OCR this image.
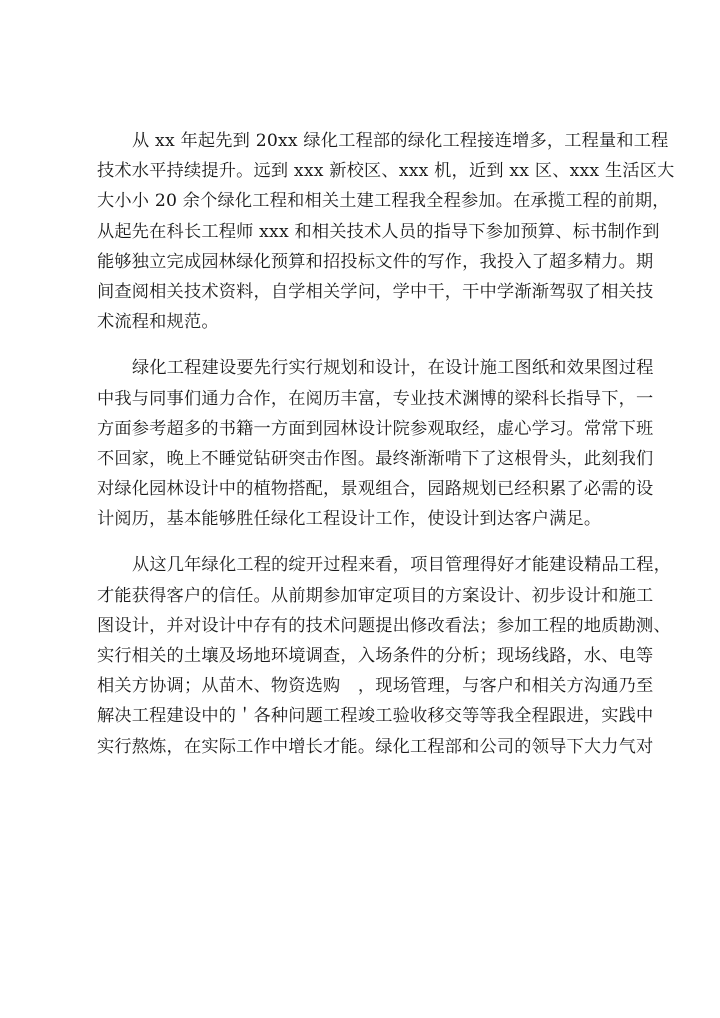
从 xx 年起先到 20xx 绿化工程部的绿化工程接连增多，工程量和工程
技术水平持续提升。远到 xxx 新校区、xxx 机，近到 xx 区、xxx 生活区大
大小小 20 余个绿化工程和相关土建工程我全程参加。在承揽工程的前期，
从起先在科长工程师 xxx 和相关技术人员的指导下参加预算、标书制作到
能够独立完成园林绿化预算和招投标文件的写作，我投入了超多精力。期
间查阅相关技术资料，自学相关学问，学中干，干中学渐渐驾驭了相关技
术流程和规范。
绿化工程建设要先行实行规划和设计，在设计施工图纸和效果图过程
中我与同事们通力合作，在阅历丰富，专业技术渊博的梁科长指导下，一
方面参考超多的书籍一方面到园林设计院参观取经，虚心学习。常常下班
不回家，晚上不睡觉钻研突击作图。最终渐渐啃下了这根骨头，此刻我们
对绿化园林设计中的植物搭配，景观组合，园路规划已经积累了必需的设
计阅历，基本能够胜任绿化工程设计工作，使设计到达客户满足。
从这几年绿化工程的绽开过程来看，项目管理得好才能建设精品工程，
才能获得客户的信任。从前期参加审定项目的方案设计、初步设计和施工
图设计，并对设计中存有的技术问题提出修改看法；参加工程的地质勘测、
实行相关的土壤及场地环境调查，入场条件的分析；现场线路，水、电等
相关方协调；从苗木、物资选购　，现场管理，与客户和相关方沟通乃至
解决工程建设中的＇各种问题工程竣工验收移交等等我全程跟进，实践中
实行熬炼，在实际工作中增长才能。绿化工程部和公司的领导下大力气对
